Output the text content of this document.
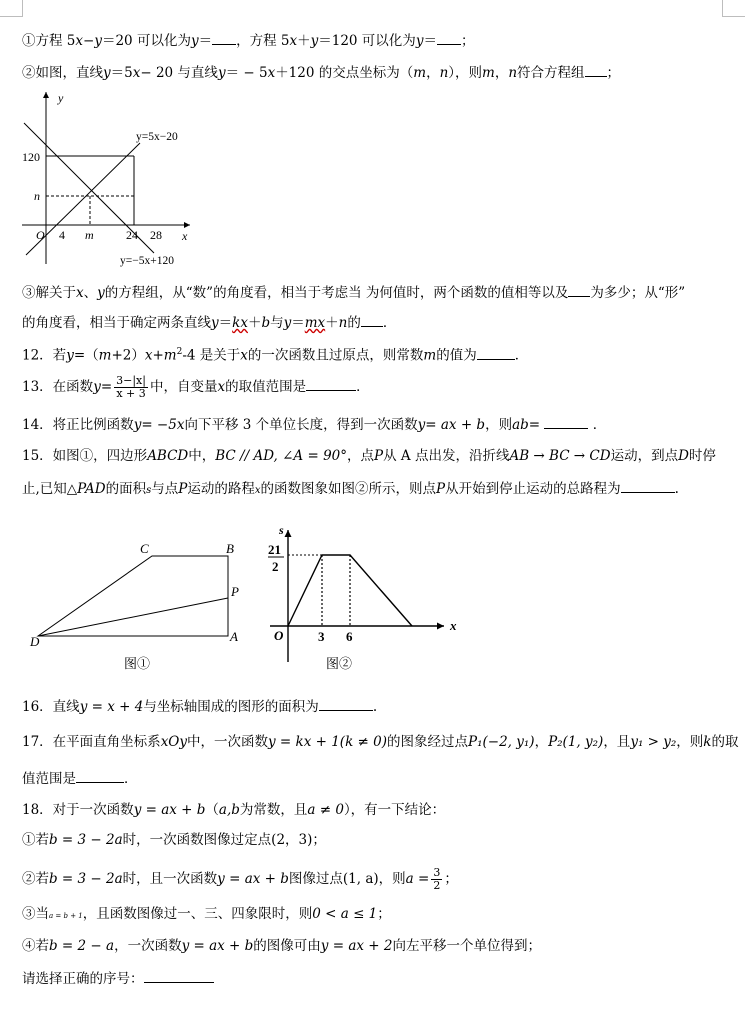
①方程 5x−y＝20 可以化为y＝ ，方程 5x＋y＝120 可以化为y＝ ；
②如图，直线y＝5x− 20 与直线y＝ − 5x＋120 的交点坐标为（m，n），则m，n符合方程组 ；
y
x
O
120
n
4 m	24 28
y=5x−20
y=−5x+120
③解关于x、y的方程组，从“数”的角度看，相当于考虑当 为何值时，两个函数的值相等以及 为多少；从“形”
的角度看，相当于确定两条直线y＝kx＋b与y＝mx＋n的 ．
12．若$y=(m+2)x+m^2-4$ 是关于x的一次函数且过原点，则常数m的值为	．
13．在函数$y= \frac{3-|x|}{x + 3}$ 中，自变量x的取值范围是	．
14．将正比例函数y= −5x向下平移 3 个单位长度，得到一次函数y= ax + b，则ab=	．
15．如图①，四边形ABCD中，BC // AD, ∠A = 90°，点P从 A 点出发，沿折线AB → BC → CD运动，到点D时停
止,已知△PAD的面积s与点P运动的路程x的函数图象如图②所示，则点P从开始到停止运动的总路程为	.
C	B
P
D	A
图①
s
21
2
O	3 6
x
图②
16．直线y = x + 4与坐标轴围成的图形的面积为	.
17．在平面直角坐标系xOy中，一次函数y = kx + 1(k ≠ 0)的图象经过点P₁(−2, y₁)，P₂(1, y₂)，且y₁ > y₂，则k的取
值范围是	．
18．对于一次函数y = ax + b（a,b为常数，且a ≠ 0），有一下结论：
①若b = 3 − 2a时，一次函数图像过定点(2，3)；
②若b = 3 − 2a时，且一次函数y = ax + b图像过点(1, a)，则$a = \frac{3}{2}$ ；
③当a = b + 1，且函数图像过一、三、四象限时，则0 < a ≤ 1；
④若b = 2 − a，一次函数y = ax + b的图像可由y = ax + 2向左平移一个单位得到；
请选择正确的序号：
